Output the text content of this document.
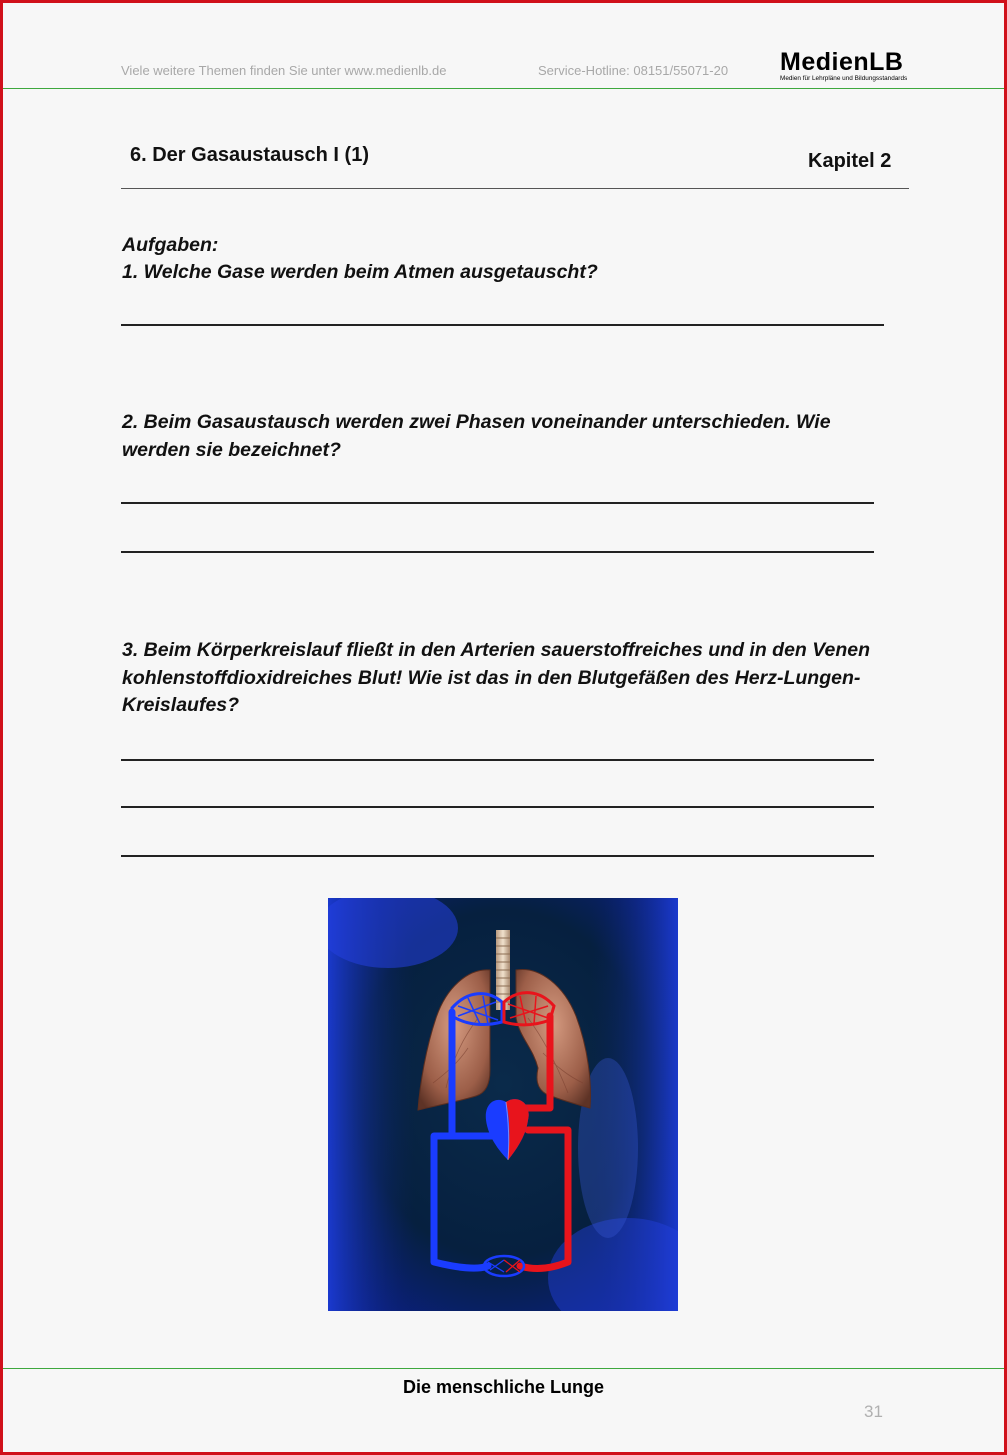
Viele weitere Themen finden Sie unter www.medienlb.de	Service-Hotline: 08151/55071-20 MedienLB
Medien für Lehrpläne und Bildungsstandards
6. Der Gasaustausch I (1)	Kapitel 2
Aufgaben:
1. Welche Gase werden beim Atmen ausgetauscht?
2. Beim Gasaustausch werden zwei Phasen voneinander unterschieden. Wie werden sie bezeichnet?
3. Beim Körperkreislauf fließt in den Arterien sauerstoffreiches und in den Venen kohlenstoffdioxidreiches Blut! Wie ist das in den Blutgefäßen des Herz-Lungen-Kreislaufes?
Die menschliche Lunge
31
